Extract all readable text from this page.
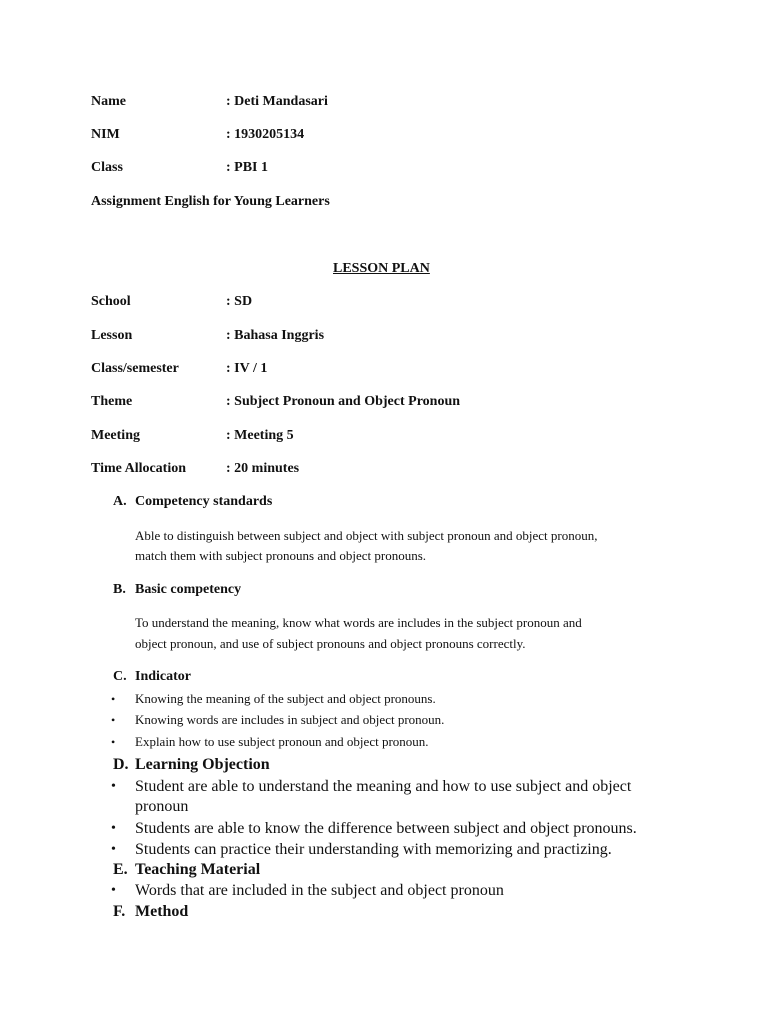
Name	: Deti Mandasari
NIM	: 1930205134
Class	: PBI 1
Assignment English for Young Learners
LESSON PLAN
School	: SD
Lesson	: Bahasa Inggris
Class/semester	: IV / 1
Theme	: Subject Pronoun and Object Pronoun
Meeting	: Meeting 5
Time Allocation	: 20 minutes
A. Competency standards
Able to distinguish between subject and object with subject pronoun and object pronoun,
match them with subject pronouns and object pronouns.
B. Basic competency
To understand the meaning, know what words are includes in the subject pronoun and
object pronoun, and use of subject pronouns and object pronouns correctly.
C. Indicator
• Knowing the meaning of the subject and object pronouns.
• Knowing words are includes in subject and object pronoun.
• Explain how to use subject pronoun and object pronoun.
D. Learning Objection
• Student are able to understand the meaning and how to use subject and object
pronoun
• Students are able to know the difference between subject and object pronouns.
• Students can practice their understanding with memorizing and practizing.
E. Teaching Material
• Words that are included in the subject and object pronoun
F. Method
